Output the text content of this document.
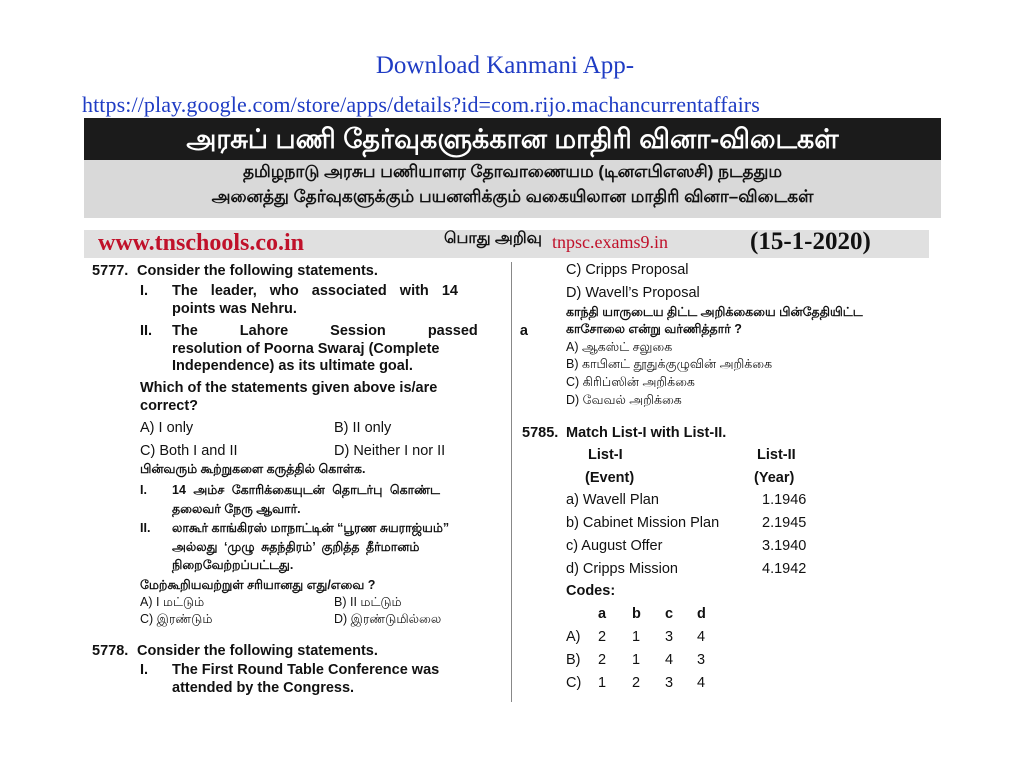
Download Kanmani App-
https://play.google.com/store/apps/details?id=com.rijo.machancurrentaffairs
அரசுப் பணி தேர்வுகளுக்கான மாதிரி வினா-விடைகள்
தமிழநாடு அரசுப பணியாளர தோவாணையம (டினஎபிஎஸசி) நடததும
அனைத்து தேர்வுகளுக்கும் பயனளிக்கும் வகையிலான மாதிரி வினா–விடைகள்
www.tnschools.co.in	பொது அறிவு tnpsc.exams9.in	(15-1-2020)
5777. Consider the following statements.
I. The leader, who associated with 14
points was Nehru.
II. The Lahore Session passed a
resolution of Poorna Swaraj (Complete
Independence) as its ultimate goal.
Which of the statements given above is/are
correct?
A) I only	B) II only
C) Both I and II	D) Neither I nor II
பின்வரும் கூற்றுகளை கருத்தில் கொள்க.
I. 14 அம்ச கோரிக்கையுடன் தொடர்பு கொண்ட
தலைவர் நேரு ஆவார்.
II. லாகூர் காங்கிரஸ் மாநாட்டின் “பூரண சுயராஜ்யம்”
அல்லது ‘முழு சுதந்திரம்’ குறித்த தீர்மானம்
நிறைவேற்றப்பட்டது.
மேற்கூறியவற்றுள் சரியானது எது/எவை ?
A) I மட்டும்	B) II மட்டும்
C) இரண்டும்	D) இரண்டுமில்லை
5778. Consider the following statements.
I. The First Round Table Conference was
attended by the Congress.
C) Cripps Proposal
D) Wavell’s Proposal
காந்தி யாருடைய திட்ட அறிக்கையை பின்தேதியிட்ட
காசோலை என்று வர்ணித்தார் ?
A) ஆகஸ்ட் சலுகை
B) காபினட் தூதுக்குழுவின் அறிக்கை
C) கிரிப்ஸின் அறிக்கை
D) வேவல் அறிக்கை
5785. Match List-I with List-II.
List-I	List-II
(Event)	(Year)
a) Wavell Plan	1.1946
b) Cabinet Mission Plan	2.1945
c) August Offer	3.1940
d) Cripps Mission	4.1942
Codes:
a b c d
A) 2 1 3 4
B) 2 1 4 3
C) 1 2 3 4
